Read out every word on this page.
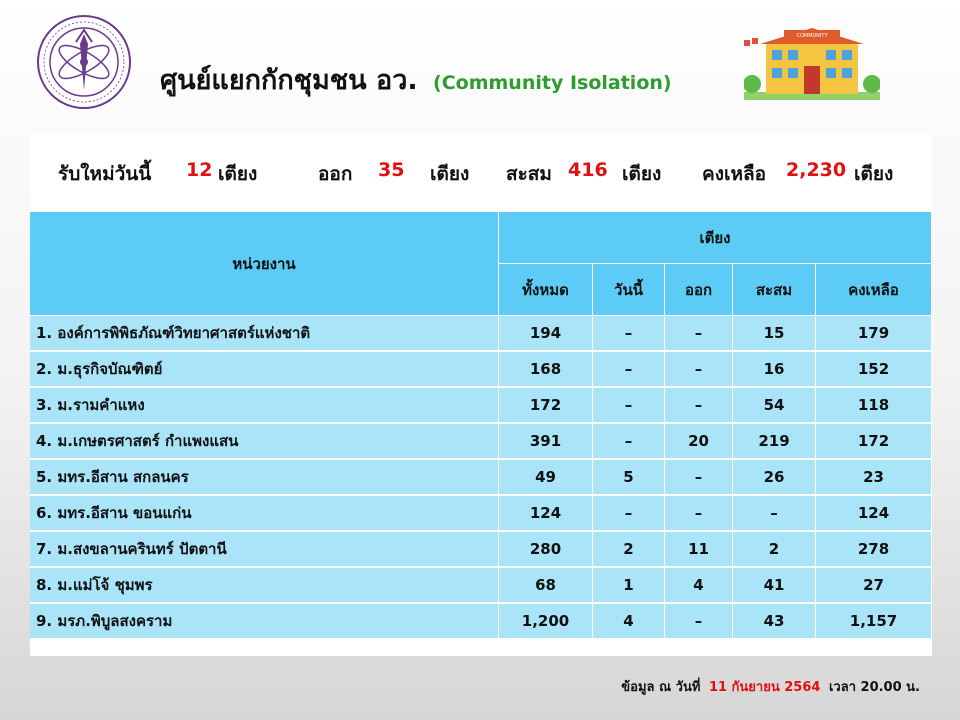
ศูนย์แยกกักชุมชน อว. (Community Isolation)
COMMUNITY
รับใหม่วันนี้ 12 เตียง	ออก 35 เตียง สะสม 416 เตียง คงเหลือ 2,230 เตียง
หน่วยงาน	เตียง				
	ทั้งหมด	วันนี้	ออก	สะสม	คงเหลือ
1. องค์การพิพิธภัณฑ์วิทยาศาสตร์แห่งชาติ	194	–	–	15	179
2. ม.ธุรกิจบัณฑิตย์	168	–	–	16	152
3. ม.รามคำแหง	172	–	–	54	118
4. ม.เกษตรศาสตร์ กำแพงแสน	391	–	20	219	172
5. มทร.อีสาน สกลนคร	49	5	–	26	23
6. มทร.อีสาน ขอนแก่น	124	–	–	–	124
7. ม.สงขลานครินทร์ ปัตตานี	280	2	11	2	278
8. ม.แม่โจ้ ชุมพร	68	1	4	41	27
9. มรภ.พิบูลสงคราม	1,200	4	–	43	1,157
ข้อมูล ณ วันที่ 11 กันยายน 2564 เวลา 20.00 น.
